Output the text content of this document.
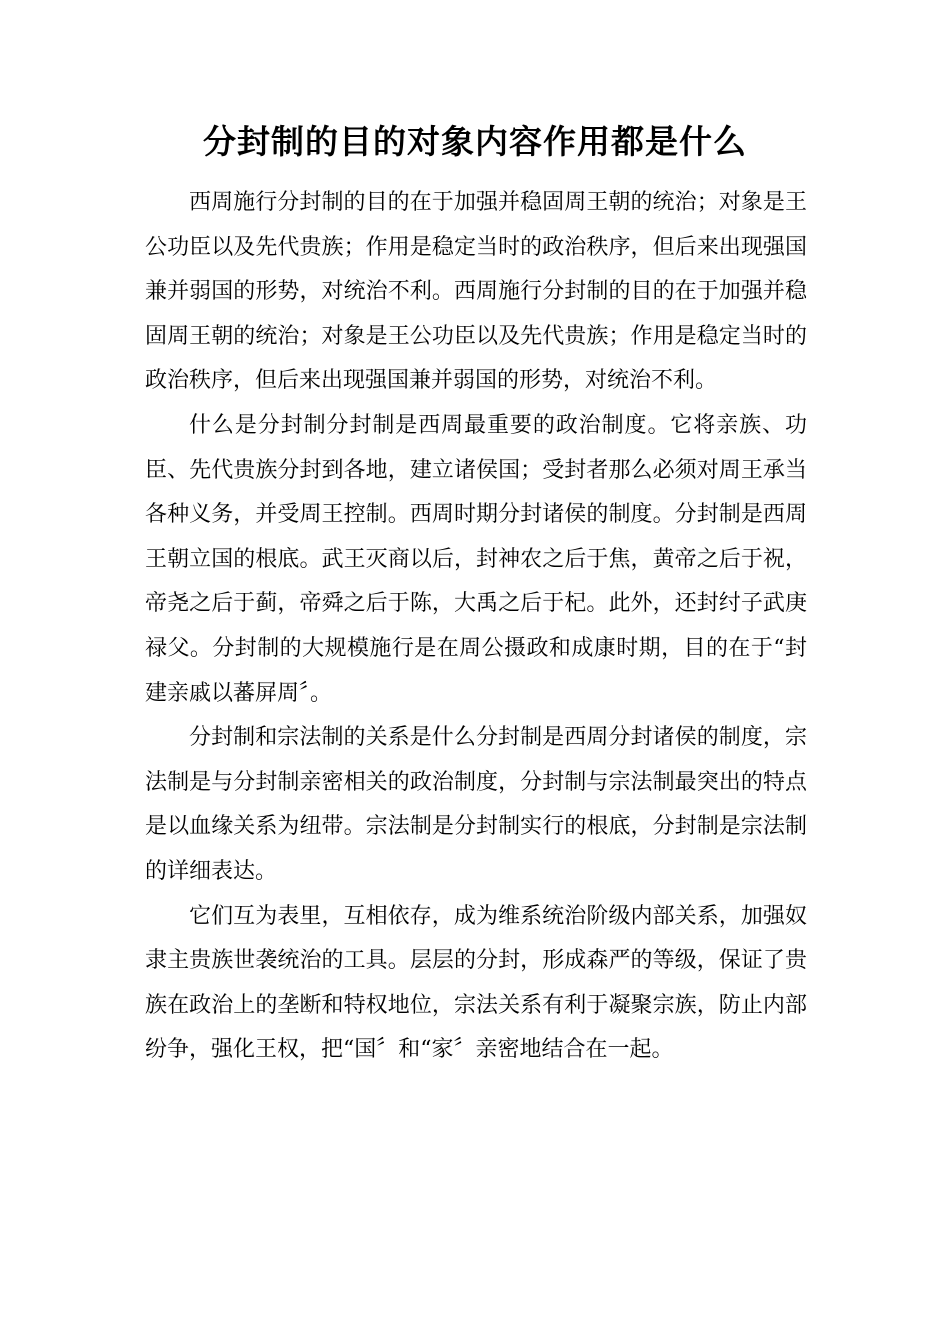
分封制的目的对象内容作用都是什么

西周施行分封制的目的在于加强并稳固周王朝的统治；对象是王公功臣以及先代贵族；作用是稳定当时的政治秩序，但后来出现强国兼并弱国的形势，对统治不利。西周施行分封制的目的在于加强并稳固周王朝的统治；对象是王公功臣以及先代贵族；作用是稳定当时的政治秩序，但后来出现强国兼并弱国的形势，对统治不利。

什么是分封制分封制是西周最重要的政治制度。它将亲族、功臣、先代贵族分封到各地，建立诸侯国；受封者那么必须对周王承当各种义务，并受周王控制。西周时期分封诸侯的制度。分封制是西周王朝立国的根底。武王灭商以后，封神农之后于焦，黄帝之后于祝，帝尧之后于蓟，帝舜之后于陈，大禹之后于杞。此外，还封纣子武庚禄父。分封制的大规模施行是在周公摄政和成康时期，目的在于“封建亲戚以蕃屏周〞。

分封制和宗法制的关系是什么分封制是西周分封诸侯的制度，宗法制是与分封制亲密相关的政治制度，分封制与宗法制最突出的特点是以血缘关系为纽带。宗法制是分封制实行的根底，分封制是宗法制的详细表达。

它们互为表里，互相依存，成为维系统治阶级内部关系，加强奴隶主贵族世袭统治的工具。层层的分封，形成森严的等级，保证了贵族在政治上的垄断和特权地位，宗法关系有利于凝聚宗族，防止内部纷争，强化王权，把“国〞和“家〞亲密地结合在一起。
